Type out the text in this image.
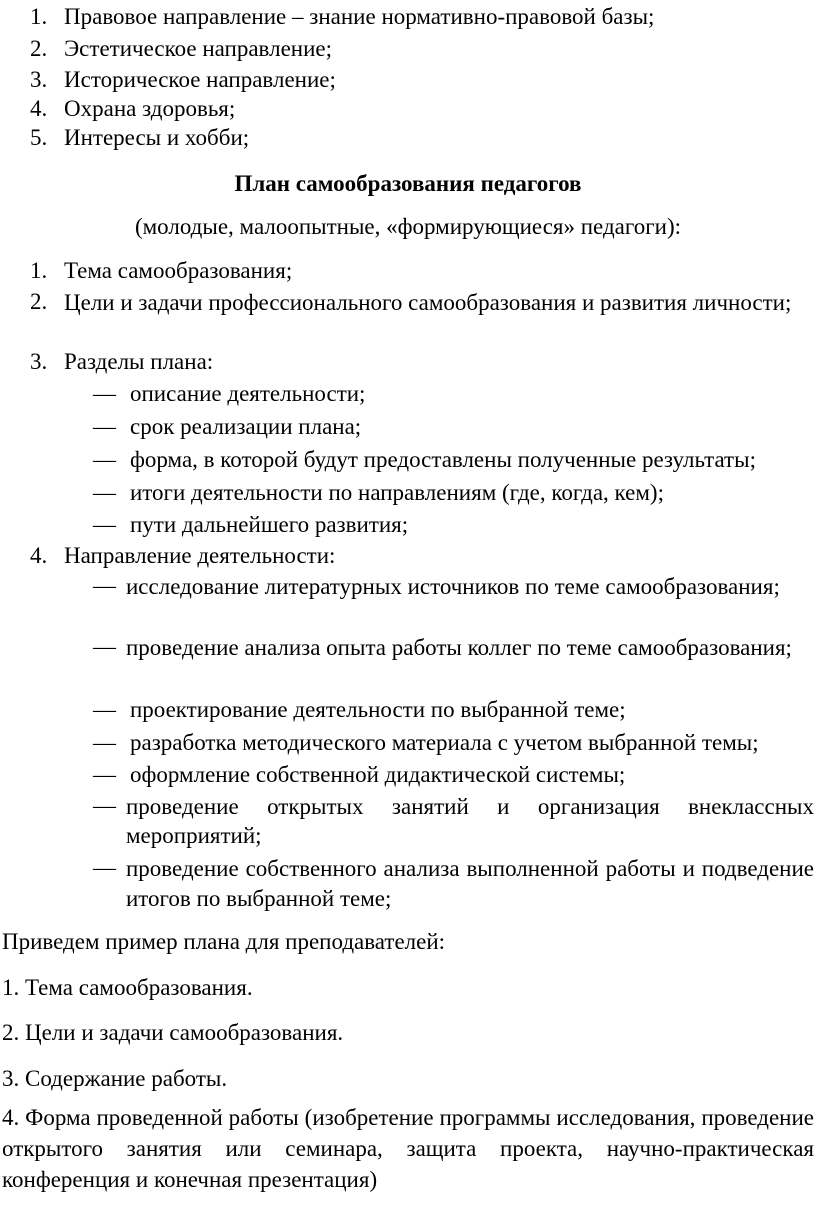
1. Правовое направление – знание нормативно-правовой базы;
2. Эстетическое направление;
3. Историческое направление;
4. Охрана здоровья;
5. Интересы и хобби;
План самообразования педагогов
(молодые, малоопытные, «формирующиеся» педагоги):
1. Тема самообразования;
2. Цели и задачи профессионального самообразования и развития личности;
3. Разделы плана:
— описание деятельности;
— срок реализации плана;
— форма, в которой будут предоставлены полученные результаты;
— итоги деятельности по направлениям (где, когда, кем);
— пути дальнейшего развития;
4. Направление деятельности:
— исследование литературных источников по теме самообразования;
— проведение анализа опыта работы коллег по теме самообразования;
— проектирование деятельности по выбранной теме;
— разработка методического материала с учетом выбранной темы;
— оформление собственной дидактической системы;
— проведение открытых занятий и организация внеклассных мероприятий;
— проведение собственного анализа выполненной работы и подведение итогов по выбранной теме;
Приведем пример плана для преподавателей:
1. Тема самообразования.
2. Цели и задачи самообразования.
3. Содержание работы.
4. Форма проведенной работы (изобретение программы исследования, проведение открытого занятия или семинара, защита проекта, научно-практическая конференция и конечная презентация)
